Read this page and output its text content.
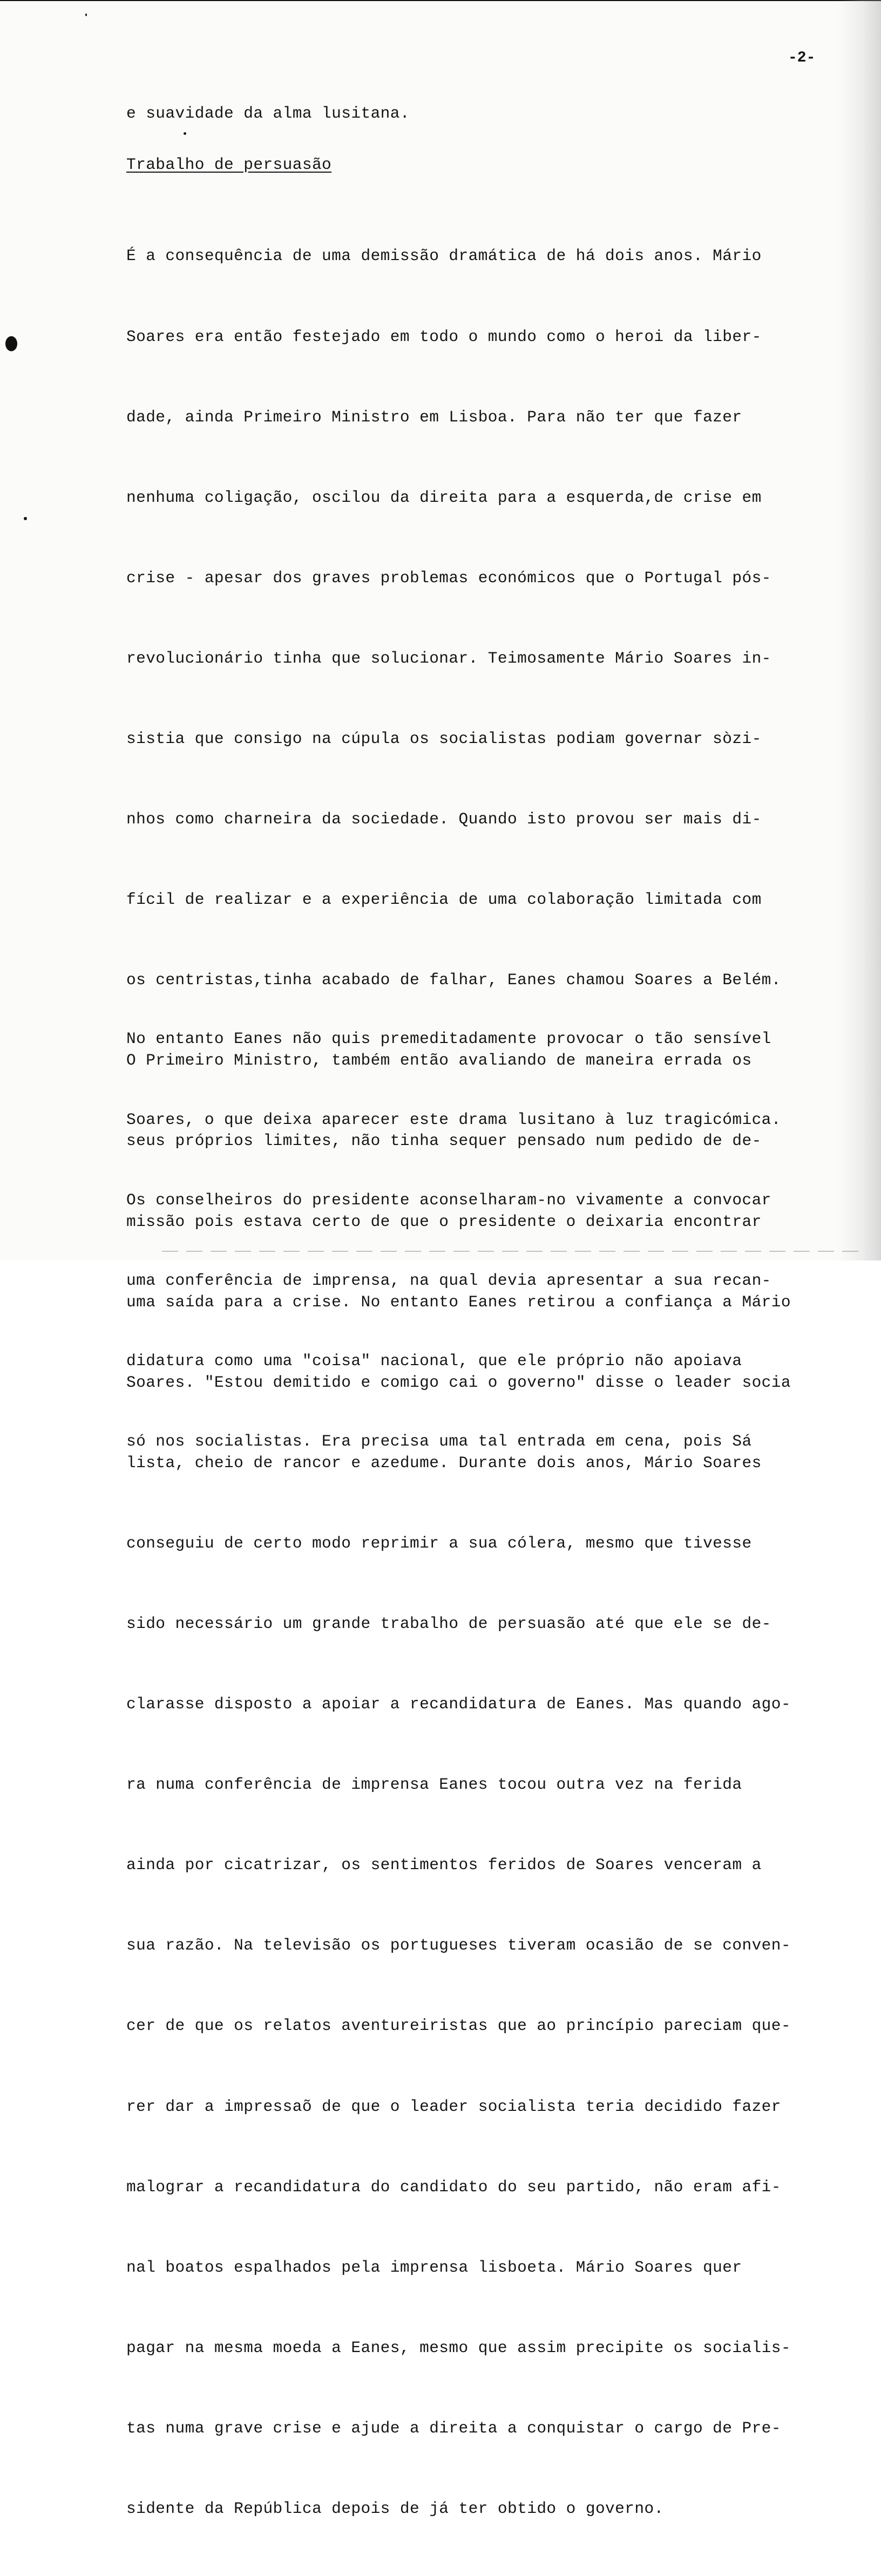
-2-
e suavidade da alma lusitana.
Trabalho de persuasão

É a consequência de uma demissão dramática de há dois anos. Mário

Soares era então festejado em todo o mundo como o heroi da liber-

dade, ainda Primeiro Ministro em Lisboa. Para não ter que fazer

nenhuma coligação, oscilou da direita para a esquerda,de crise em

crise - apesar dos graves problemas económicos que o Portugal pós-

revolucionário tinha que solucionar. Teimosamente Mário Soares in-

sistia que consigo na cúpula os socialistas podiam governar sòzi-

nhos como charneira da sociedade. Quando isto provou ser mais di-

fícil de realizar e a experiência de uma colaboração limitada com

os centristas,tinha acabado de falhar, Eanes chamou Soares a Belém.

O Primeiro Ministro, também então avaliando de maneira errada os

seus próprios limites, não tinha sequer pensado num pedido de de-

missão pois estava certo de que o presidente o deixaria encontrar

uma saída para a crise. No entanto Eanes retirou a confiança a Mário

Soares. "Estou demitido e comigo cai o governo" disse o leader socia

lista, cheio de rancor e azedume. Durante dois anos, Mário Soares

conseguiu de certo modo reprimir a sua cólera, mesmo que tivesse

sido necessário um grande trabalho de persuasão até que ele se de-

clarasse disposto a apoiar a recandidatura de Eanes. Mas quando ago-

ra numa conferência de imprensa Eanes tocou outra vez na ferida

ainda por cicatrizar, os sentimentos feridos de Soares venceram a

sua razão. Na televisão os portugueses tiveram ocasião de se conven-

cer de que os relatos aventureiristas que ao princípio pareciam que-

rer dar a impressaõ de que o leader socialista teria decidido fazer

malograr a recandidatura do candidato do seu partido, não eram afi-

nal boatos espalhados pela imprensa lisboeta. Mário Soares quer

pagar na mesma moeda a Eanes, mesmo que assim precipite os socialis-

tas numa grave crise e ajude a direita a conquistar o cargo de Pre-

sidente da República depois de já ter obtido o governo.

No entanto Eanes não quis premeditadamente provocar o tão sensível

Soares, o que deixa aparecer este drama lusitano à luz tragicómica.

Os conselheiros do presidente aconselharam-no vivamente a convocar

uma conferência de imprensa, na qual devia apresentar a sua recan-

didatura como uma "coisa" nacional, que ele próprio não apoiava

só nos socialistas. Era precisa uma tal entrada em cena, pois Sá
